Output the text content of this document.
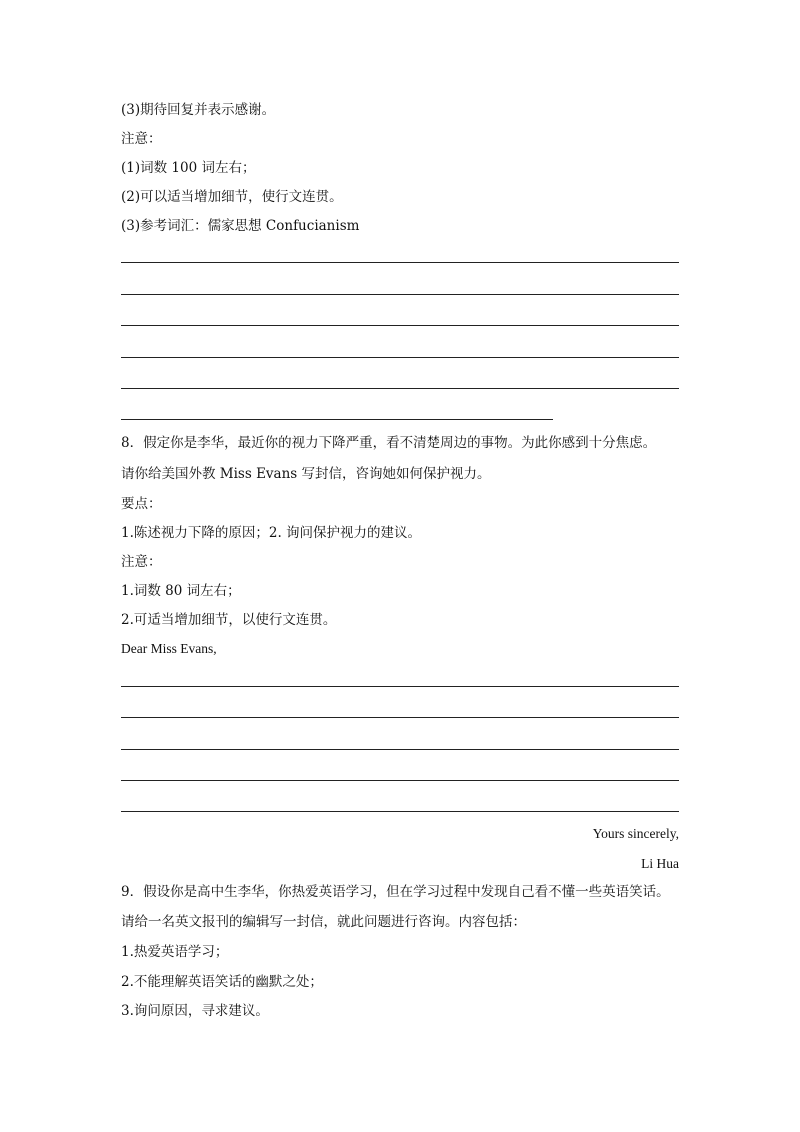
(3)期待回复并表示感谢。
注意：
(1)词数 100 词左右；
(2)可以适当增加细节，使行文连贯。
(3)参考词汇：儒家思想 Confucianism
8．假定你是李华，最近你的视力下降严重，看不清楚周边的事物。为此你感到十分焦虑。
请你给美国外教 Miss Evans 写封信，咨询她如何保护视力。
要点：
1.陈述视力下降的原因；2. 询问保护视力的建议。
注意：
1.词数 80 词左右；
2.可适当增加细节，以使行文连贯。
Dear Miss Evans,
Yours sincerely,
Li Hua
9．假设你是高中生李华，你热爱英语学习，但在学习过程中发现自己看不懂一些英语笑话。
请给一名英文报刊的编辑写一封信，就此问题进行咨询。内容包括：
1.热爱英语学习；
2.不能理解英语笑话的幽默之处；
3.询问原因，寻求建议。
